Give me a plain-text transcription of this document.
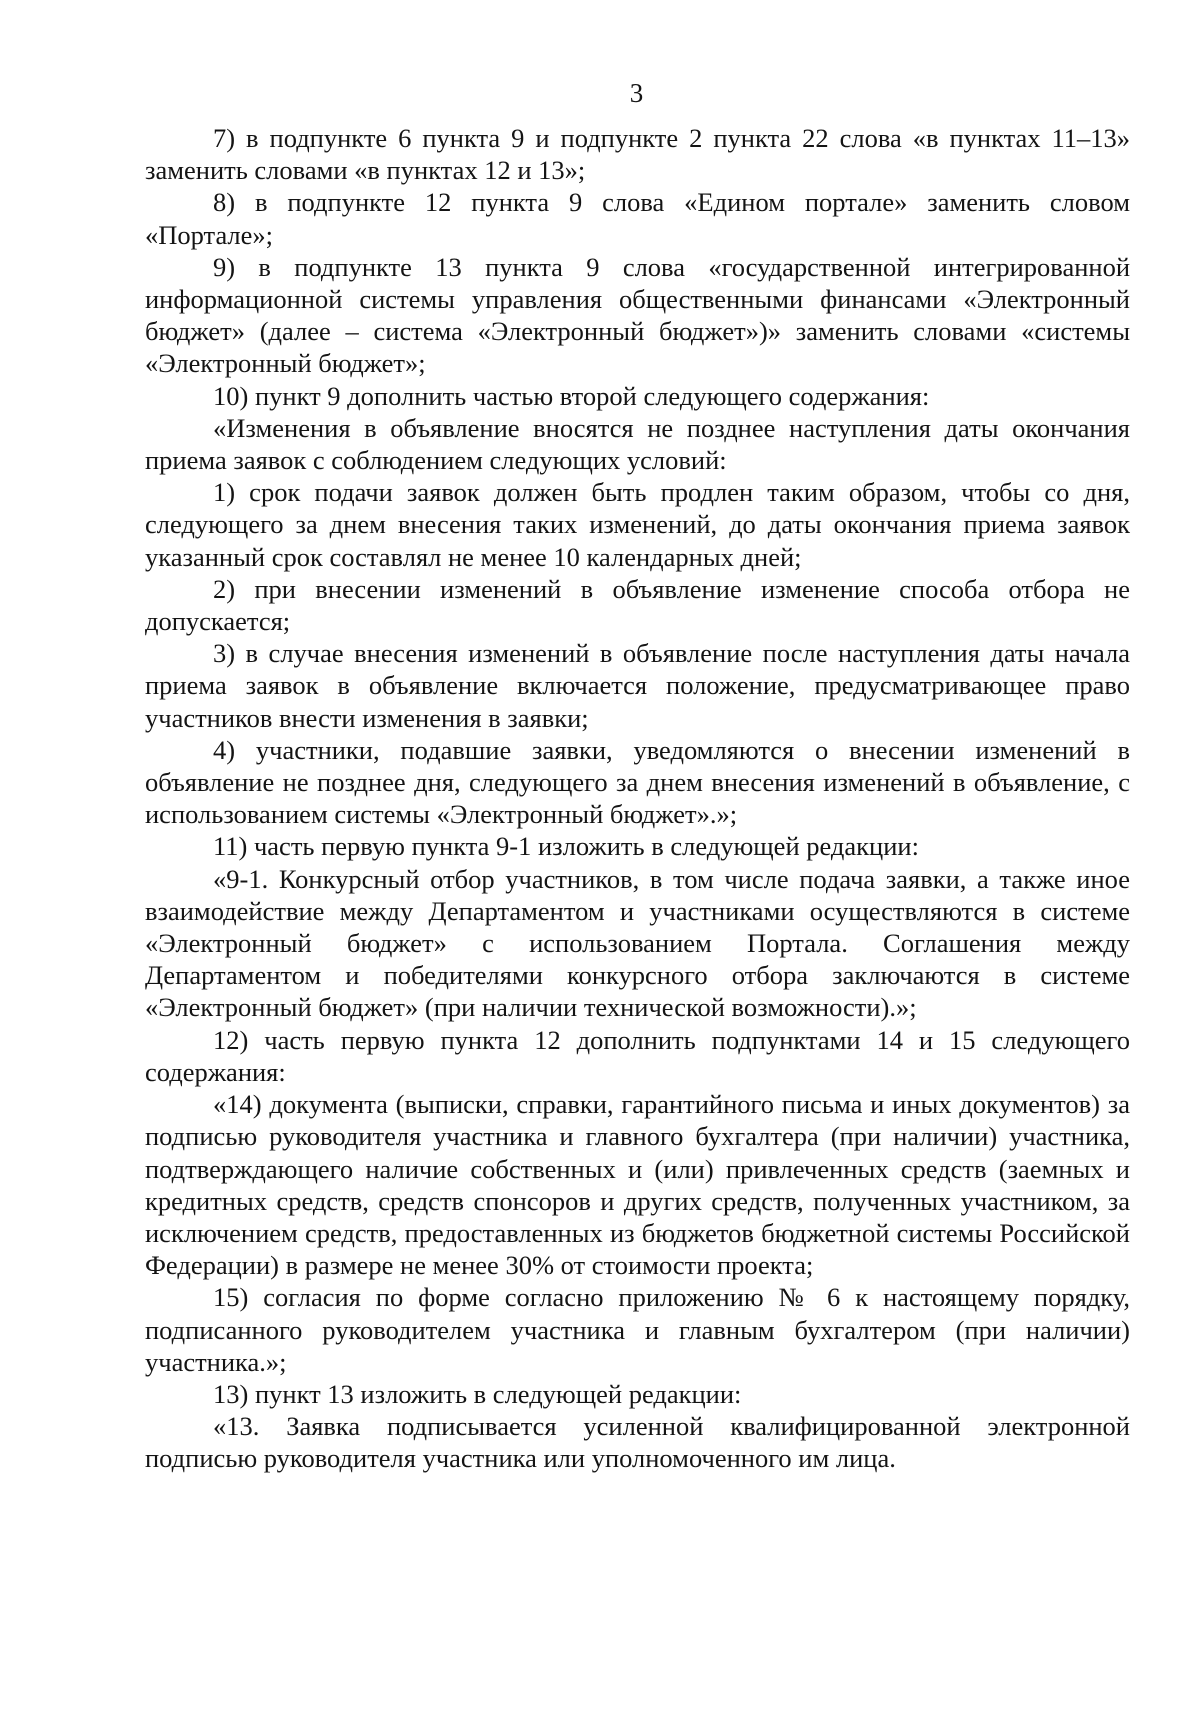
3

7) в подпункте 6 пункта 9 и подпункте 2 пункта 22 слова «в пунктах 11–13» заменить словами «в пунктах 12 и 13»;

8) в подпункте 12 пункта 9 слова «Едином портале» заменить словом «Портале»;

9) в подпункте 13 пункта 9 слова «государственной интегрированной информационной системы управления общественными финансами «Электронный бюджет» (далее – система «Электронный бюджет»)» заменить словами «системы «Электронный бюджет»;

10) пункт 9 дополнить частью второй следующего содержания:

«Изменения в объявление вносятся не позднее наступления даты окончания приема заявок с соблюдением следующих условий:

1) срок подачи заявок должен быть продлен таким образом, чтобы со дня, следующего за днем внесения таких изменений, до даты окончания приема заявок указанный срок составлял не менее 10 календарных дней;

2) при внесении изменений в объявление изменение способа отбора не допускается;

3) в случае внесения изменений в объявление после наступления даты начала приема заявок в объявление включается положение, предусматривающее право участников внести изменения в заявки;

4) участники, подавшие заявки, уведомляются о внесении изменений в объявление не позднее дня, следующего за днем внесения изменений в объявление, с использованием системы «Электронный бюджет».»;

11) часть первую пункта 9-1 изложить в следующей редакции:

«9-1. Конкурсный отбор участников, в том числе подача заявки, а также иное взаимодействие между Департаментом и участниками осуществляются в системе «Электронный бюджет» с использованием Портала. Соглашения между Департаментом и победителями конкурсного отбора заключаются в системе «Электронный бюджет» (при наличии технической возможности).»;

12) часть первую пункта 12 дополнить подпунктами 14 и 15 следующего содержания:

«14) документа (выписки, справки, гарантийного письма и иных документов) за подписью руководителя участника и главного бухгалтера (при наличии) участника, подтверждающего наличие собственных и (или) привлеченных средств (заемных и кредитных средств, средств спонсоров и других средств, полученных участником, за исключением средств, предоставленных из бюджетов бюджетной системы Российской Федерации) в размере не менее 30% от стоимости проекта;

15) согласия по форме согласно приложению № 6 к настоящему порядку, подписанного руководителем участника и главным бухгалтером (при наличии) участника.»;

13) пункт 13 изложить в следующей редакции:

«13. Заявка подписывается усиленной квалифицированной электронной подписью руководителя участника или уполномоченного им лица.
